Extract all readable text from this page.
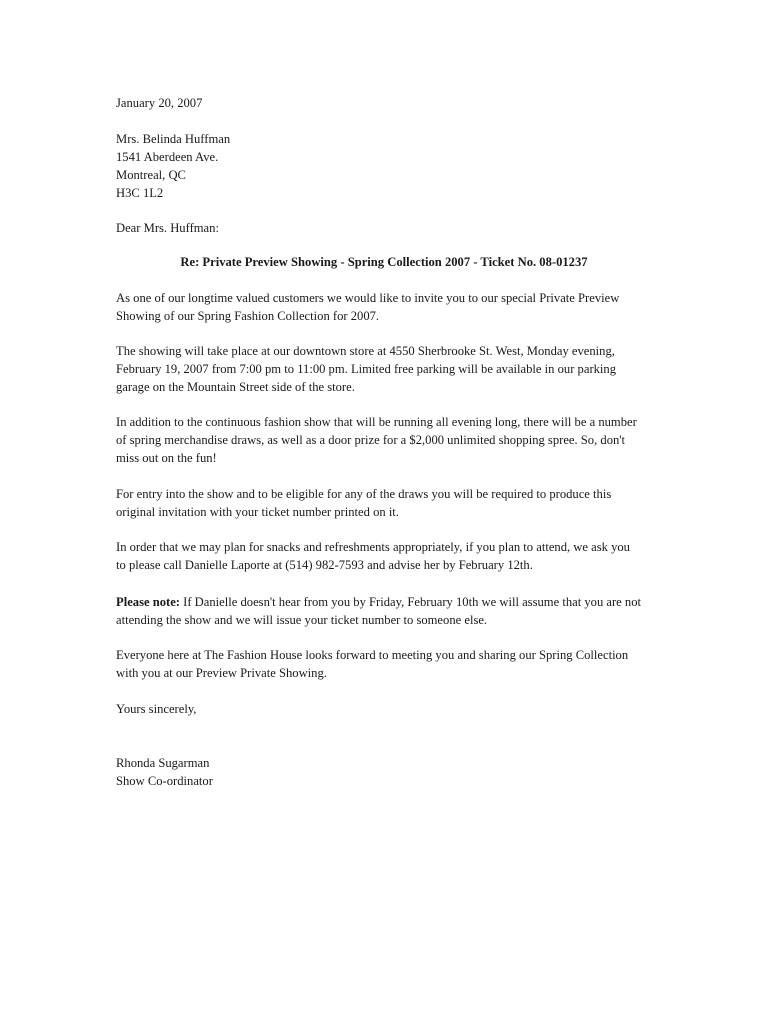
January 20, 2007

Mrs. Belinda Huffman
1541 Aberdeen Ave.
Montreal, QC
H3C 1L2

Dear Mrs. Huffman:

Re: Private Preview Showing - Spring Collection 2007 - Ticket No. 08-01237

As one of our longtime valued customers we would like to invite you to our special Private Preview
Showing of our Spring Fashion Collection for 2007.

The showing will take place at our downtown store at 4550 Sherbrooke St. West, Monday evening,
February 19, 2007 from 7:00 pm to 11:00 pm. Limited free parking will be available in our parking
garage on the Mountain Street side of the store.

In addition to the continuous fashion show that will be running all evening long, there will be a number
of spring merchandise draws, as well as a door prize for a $2,000 unlimited shopping spree. So, don't
miss out on the fun!

For entry into the show and to be eligible for any of the draws you will be required to produce this
original invitation with your ticket number printed on it.

In order that we may plan for snacks and refreshments appropriately, if you plan to attend, we ask you
to please call Danielle Laporte at (514) 982-7593 and advise her by February 12th.

Please note: If Danielle doesn't hear from you by Friday, February 10th we will assume that you are not
attending the show and we will issue your ticket number to someone else.

Everyone here at The Fashion House looks forward to meeting you and sharing our Spring Collection
with you at our Preview Private Showing.

Yours sincerely,

Rhonda Sugarman
Show Co-ordinator
